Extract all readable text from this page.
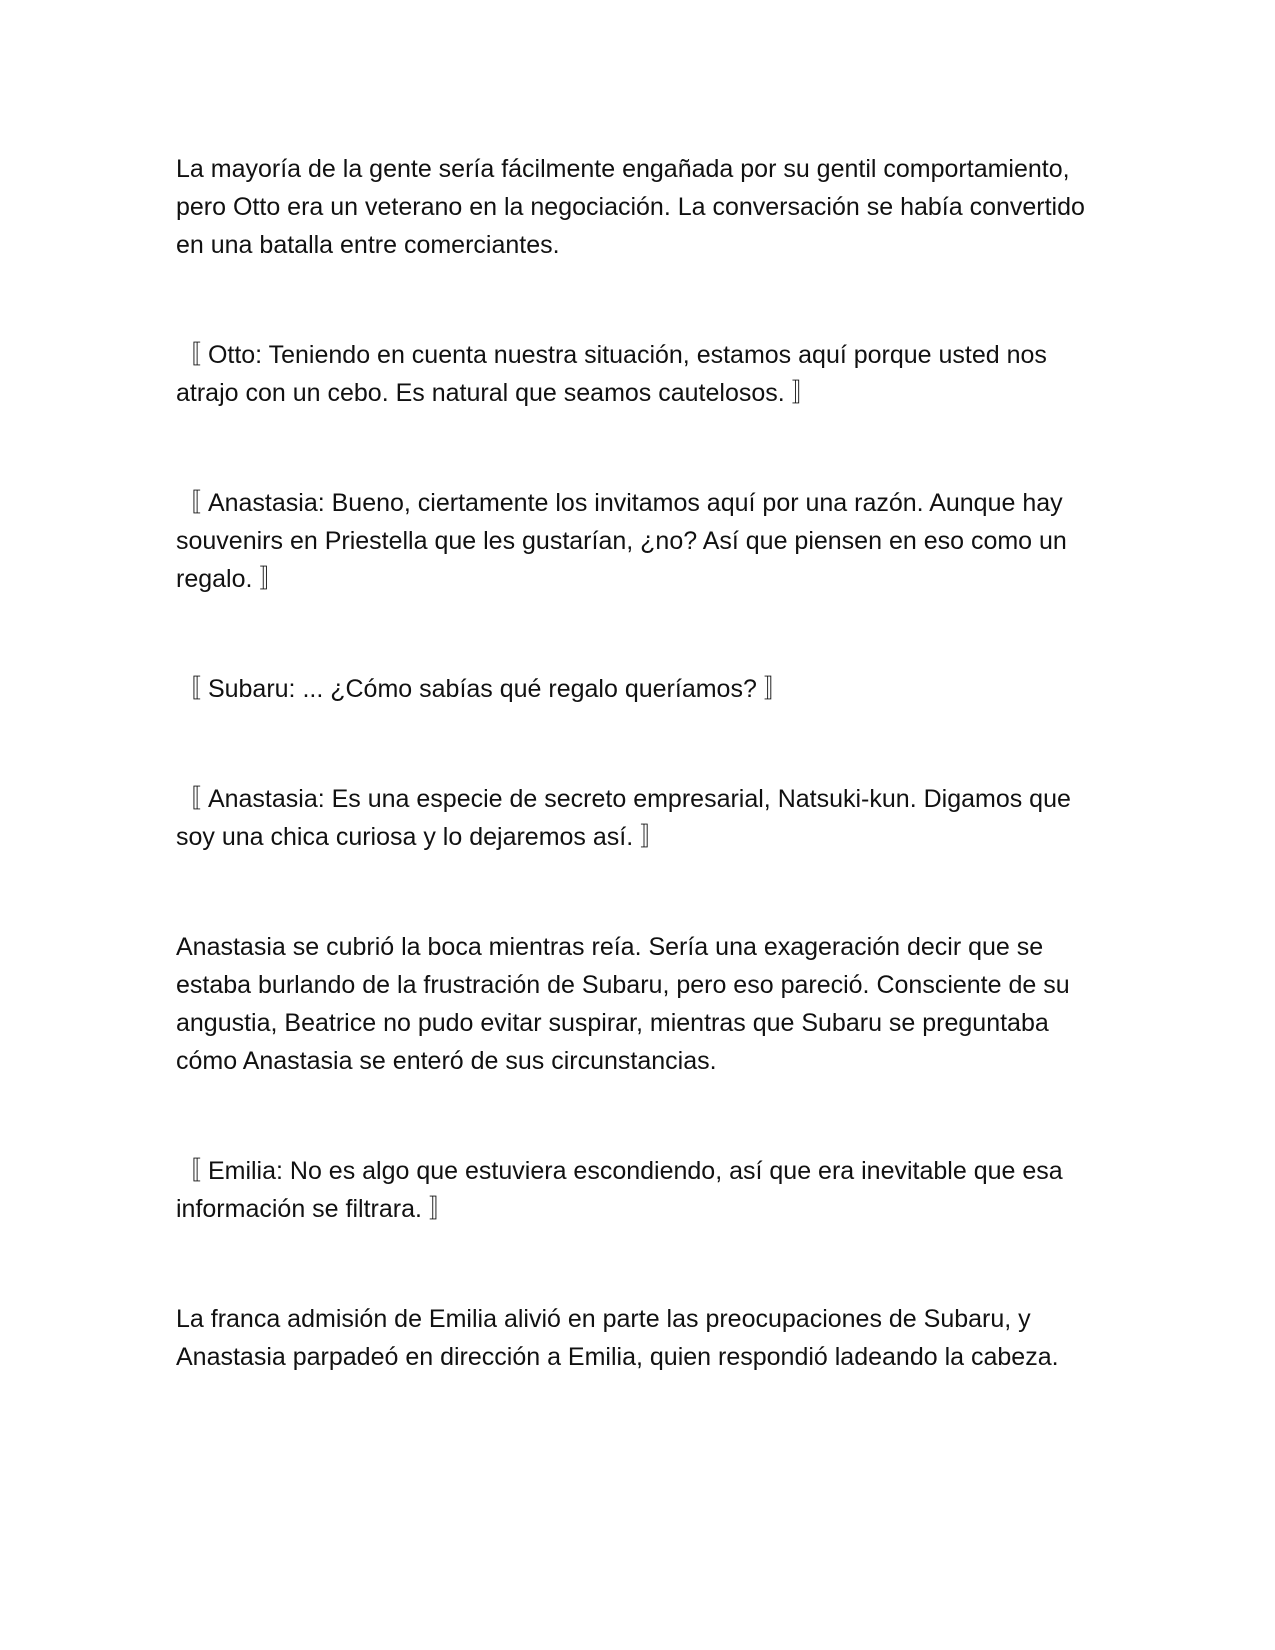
La mayoría de la gente sería fácilmente engañada por su gentil comportamiento, pero Otto era un veterano en la negociación. La conversación se había convertido en una batalla entre comerciantes.

〚 Otto: Teniendo en cuenta nuestra situación, estamos aquí porque usted nos atrajo con un cebo. Es natural que seamos cautelosos. 〛

〚 Anastasia: Bueno, ciertamente los invitamos aquí por una razón. Aunque hay souvenirs en Priestella que les gustarían, ¿no? Así que piensen en eso como un regalo. 〛

〚 Subaru: ... ¿Cómo sabías qué regalo queríamos? 〛

〚 Anastasia: Es una especie de secreto empresarial, Natsuki-kun. Digamos que soy una chica curiosa y lo dejaremos así. 〛

Anastasia se cubrió la boca mientras reía. Sería una exageración decir que se estaba burlando de la frustración de Subaru, pero eso pareció. Consciente de su angustia, Beatrice no pudo evitar suspirar, mientras que Subaru se preguntaba cómo Anastasia se enteró de sus circunstancias.

〚 Emilia: No es algo que estuviera escondiendo, así que era inevitable que esa información se filtrara. 〛

La franca admisión de Emilia alivió en parte las preocupaciones de Subaru, y Anastasia parpadeó en dirección a Emilia, quien respondió ladeando la cabeza.
